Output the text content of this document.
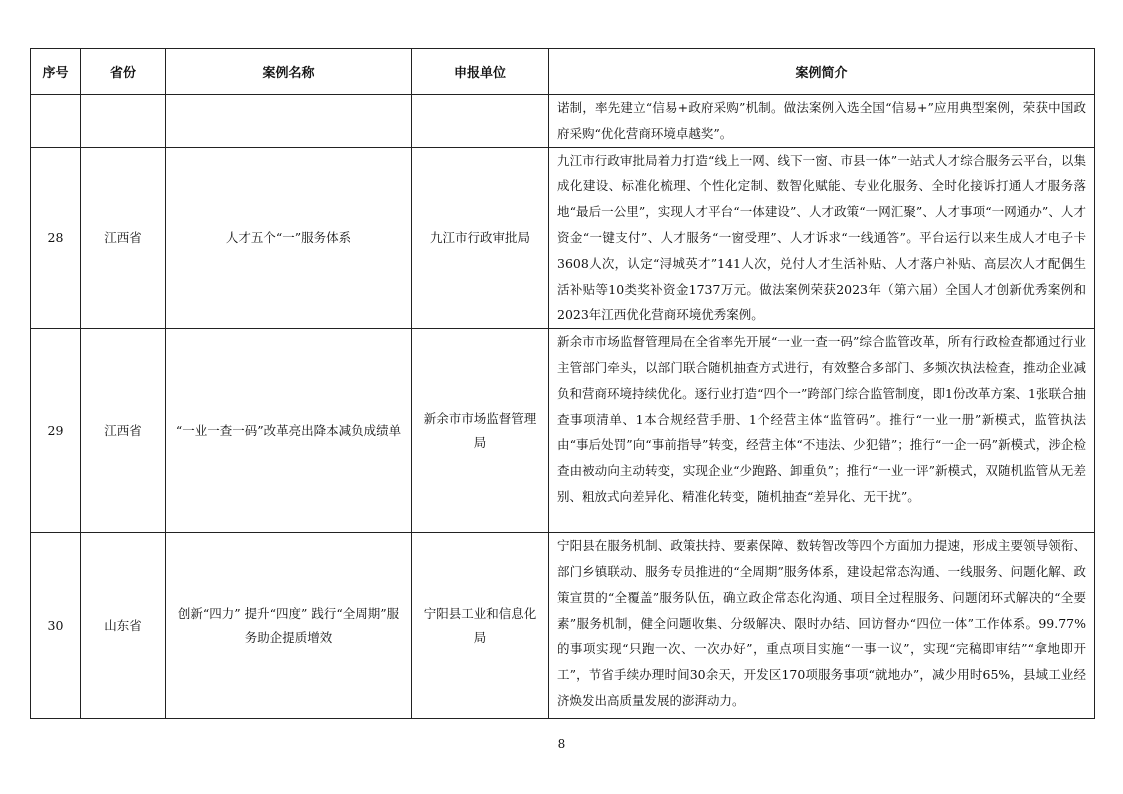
序号	省份	案例名称	申报单位	案例简介
				诺制，率先建立“信易+政府采购”机制。做法案例入选全国“信易+”应用典型案例，荣获中国政府采购“优化营商环境卓越奖”。
28	江西省	人才五个“一”服务体系	九江市行政审批局	九江市行政审批局着力打造“线上一网、线下一窗、市县一体”一站式人才综合服务云平台，以集成化建设、标准化梳理、个性化定制、数智化赋能、专业化服务、全时化接诉打通人才服务落地“最后一公里”，实现人才平台“一体建设”、人才政策“一网汇聚”、人才事项“一网通办”、人才资金“一键支付”、人才服务“一窗受理”、人才诉求“一线通答”。平台运行以来生成人才电子卡3608人次，认定“浔城英才”141人次，兑付人才生活补贴、人才落户补贴、高层次人才配偶生活补贴等10类奖补资金1737万元。做法案例荣获2023年（第六届）全国人才创新优秀案例和2023年江西优化营商环境优秀案例。
29	江西省	“一业一查一码”改革亮出降本减负成绩单	新余市市场监督管理局	新余市市场监督管理局在全省率先开展“一业一查一码”综合监管改革，所有行政检查都通过行业主管部门牵头，以部门联合随机抽查方式进行，有效整合多部门、多频次执法检查，推动企业减负和营商环境持续优化。逐行业打造“四个一”跨部门综合监管制度，即1份改革方案、1张联合抽查事项清单、1本合规经营手册、1个经营主体“监管码”。推行“一业一册”新模式，监管执法由“事后处罚”向“事前指导”转变，经营主体“不违法、少犯错”；推行“一企一码”新模式，涉企检查由被动向主动转变，实现企业“少跑路、卸重负”；推行“一业一评”新模式，双随机监管从无差别、粗放式向差异化、精准化转变，随机抽查“差异化、无干扰”。
30	山东省	创新“四力” 提升“四度” 践行“全周期”服务助企提质增效	宁阳县工业和信息化局	宁阳县在服务机制、政策扶持、要素保障、数转智改等四个方面加力提速，形成主要领导领衔、部门乡镇联动、服务专员推进的“全周期”服务体系，建设起常态沟通、一线服务、问题化解、政策宣贯的“全覆盖”服务队伍，确立政企常态化沟通、项目全过程服务、问题闭环式解决的“全要素”服务机制，健全问题收集、分级解决、限时办结、回访督办“四位一体”工作体系。99.77%的事项实现“只跑一次、一次办好”，重点项目实施“一事一议”，实现“完稿即审结”“拿地即开工”，节省手续办理时间30余天，开发区170项服务事项“就地办”，减少用时65%，县域工业经济焕发出高质量发展的澎湃动力。
8
